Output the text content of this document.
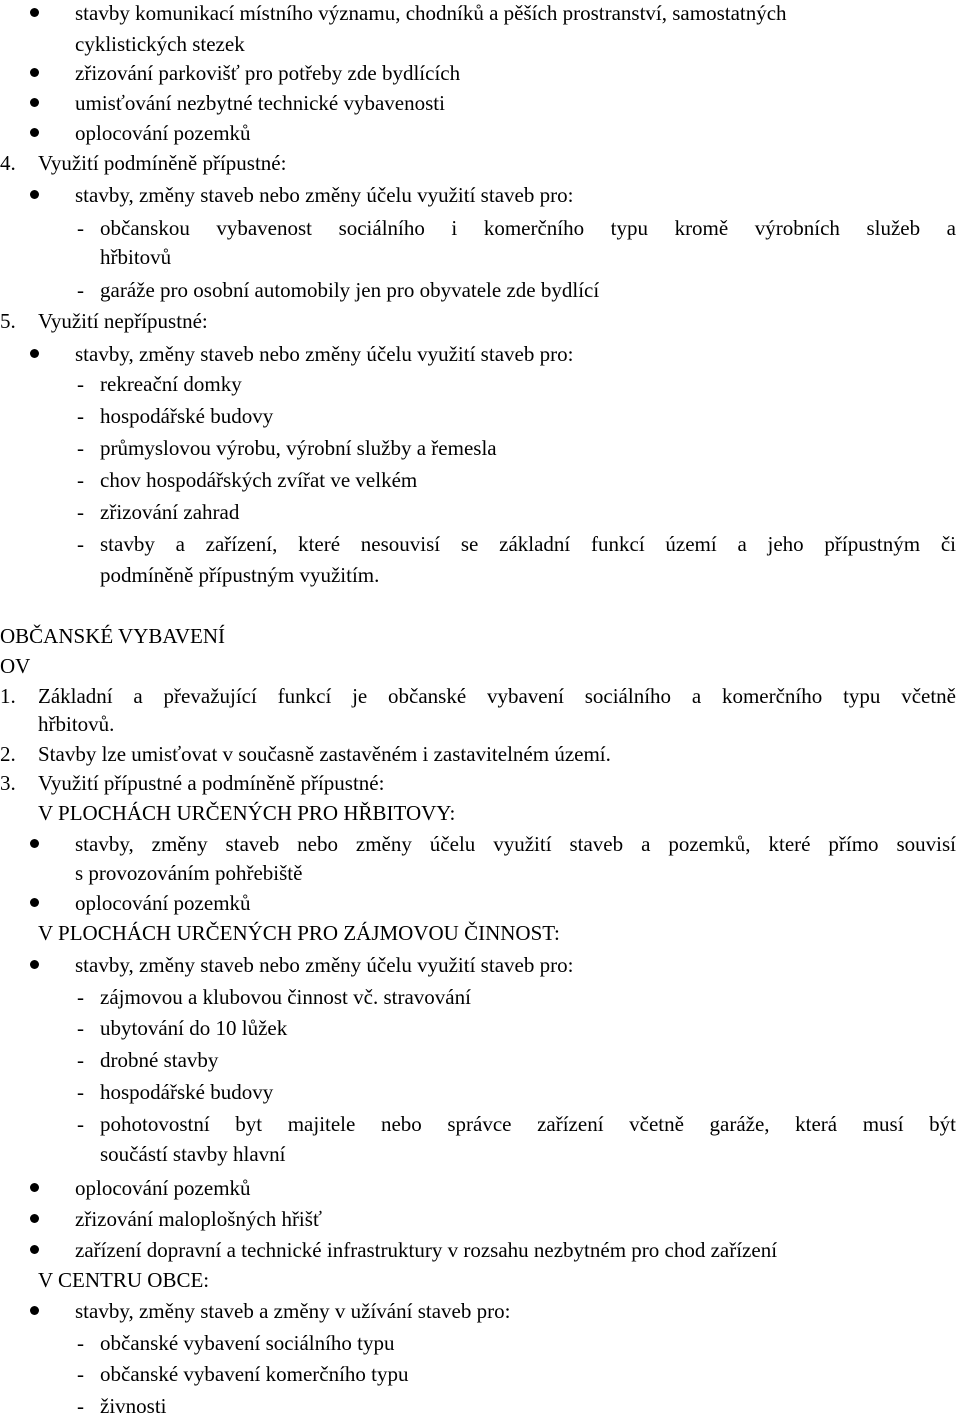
stavby komunikací místního významu, chodníků a pěších prostranství, samostatných
cyklistických stezek
zřizování parkovišť pro potřeby zde bydlících
umisťování nezbytné technické vybavenosti
oplocování pozemků
4. Využití podmíněně přípustné:
stavby, změny staveb nebo změny účelu využití staveb pro:
- občanskou vybavenost sociálního i komerčního typu kromě výrobních služeb a
hřbitovů
- garáže pro osobní automobily jen pro obyvatele zde bydlící
5. Využití nepřípustné:
stavby, změny staveb nebo změny účelu využití staveb pro:
- rekreační domky
- hospodářské budovy
- průmyslovou výrobu, výrobní služby a řemesla
- chov hospodářských zvířat ve velkém
- zřizování zahrad
- stavby a zařízení, které nesouvisí se základní funkcí území a jeho přípustným či
podmíněně přípustným využitím.
OBČANSKÉ VYBAVENÍ
OV
1. Základní a převažující funkcí je občanské vybavení sociálního a komerčního typu včetně
hřbitovů.
2. Stavby lze umisťovat v současně zastavěném i zastavitelném území.
3. Využití přípustné a podmíněně přípustné:
V PLOCHÁCH URČENÝCH PRO HŘBITOVY:
stavby, změny staveb nebo změny účelu využití staveb a pozemků, které přímo souvisí
s provozováním pohřebiště
oplocování pozemků
V PLOCHÁCH URČENÝCH PRO ZÁJMOVOU ČINNOST:
stavby, změny staveb nebo změny účelu využití staveb pro:
- zájmovou a klubovou činnost vč. stravování
- ubytování do 10 lůžek
- drobné stavby
- hospodářské budovy
- pohotovostní byt majitele nebo správce zařízení včetně garáže, která musí být
součástí stavby hlavní
oplocování pozemků
zřizování maloplošných hřišť
zařízení dopravní a technické infrastruktury v rozsahu nezbytném pro chod zařízení
V CENTRU OBCE:
stavby, změny staveb a změny v užívání staveb pro:
- občanské vybavení sociálního typu
- občanské vybavení komerčního typu
- živnosti
